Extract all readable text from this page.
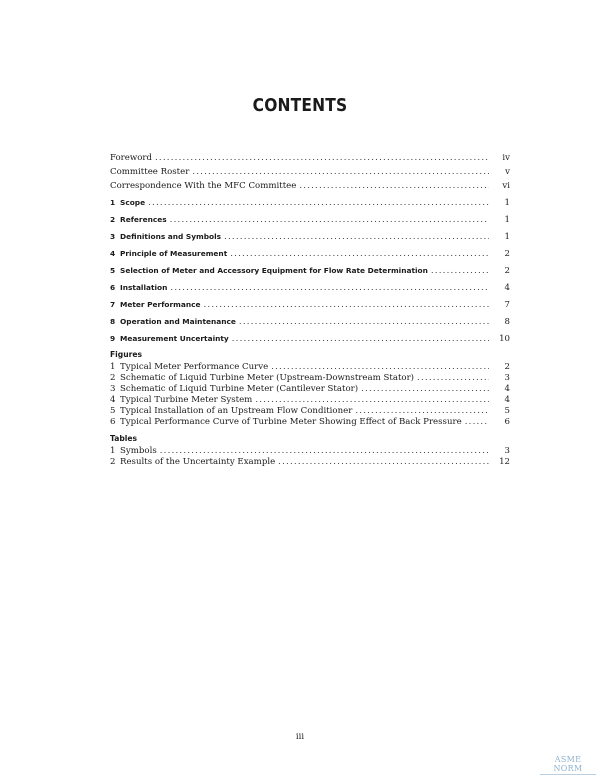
CONTENTS
Foreword .....	iv
Committee Roster .....	v
Correspondence With the MFC Committee .....	vi
1 Scope .....	1
2 References .....	1
3 Definitions and Symbols .....	1
4 Principle of Measurement .....	2
5 Selection of Meter and Accessory Equipment for Flow Rate Determination .....	2
6 Installation .....	4
7 Meter Performance .....	7
8 Operation and Maintenance .....	8
9 Measurement Uncertainty .....	10
Figures
1 Typical Meter Performance Curve .....	2
2 Schematic of Liquid Turbine Meter (Upstream-Downstream Stator) .....	3
3 Schematic of Liquid Turbine Meter (Cantilever Stator) .....	4
4 Typical Turbine Meter System .....	4
5 Typical Installation of an Upstream Flow Conditioner .....	5
6 Typical Performance Curve of Turbine Meter Showing Effect of Back Pressure .....	6
Tables
1 Symbols .....	3
2 Results of the Uncertainty Example .....	12
iii
ASME NORM
